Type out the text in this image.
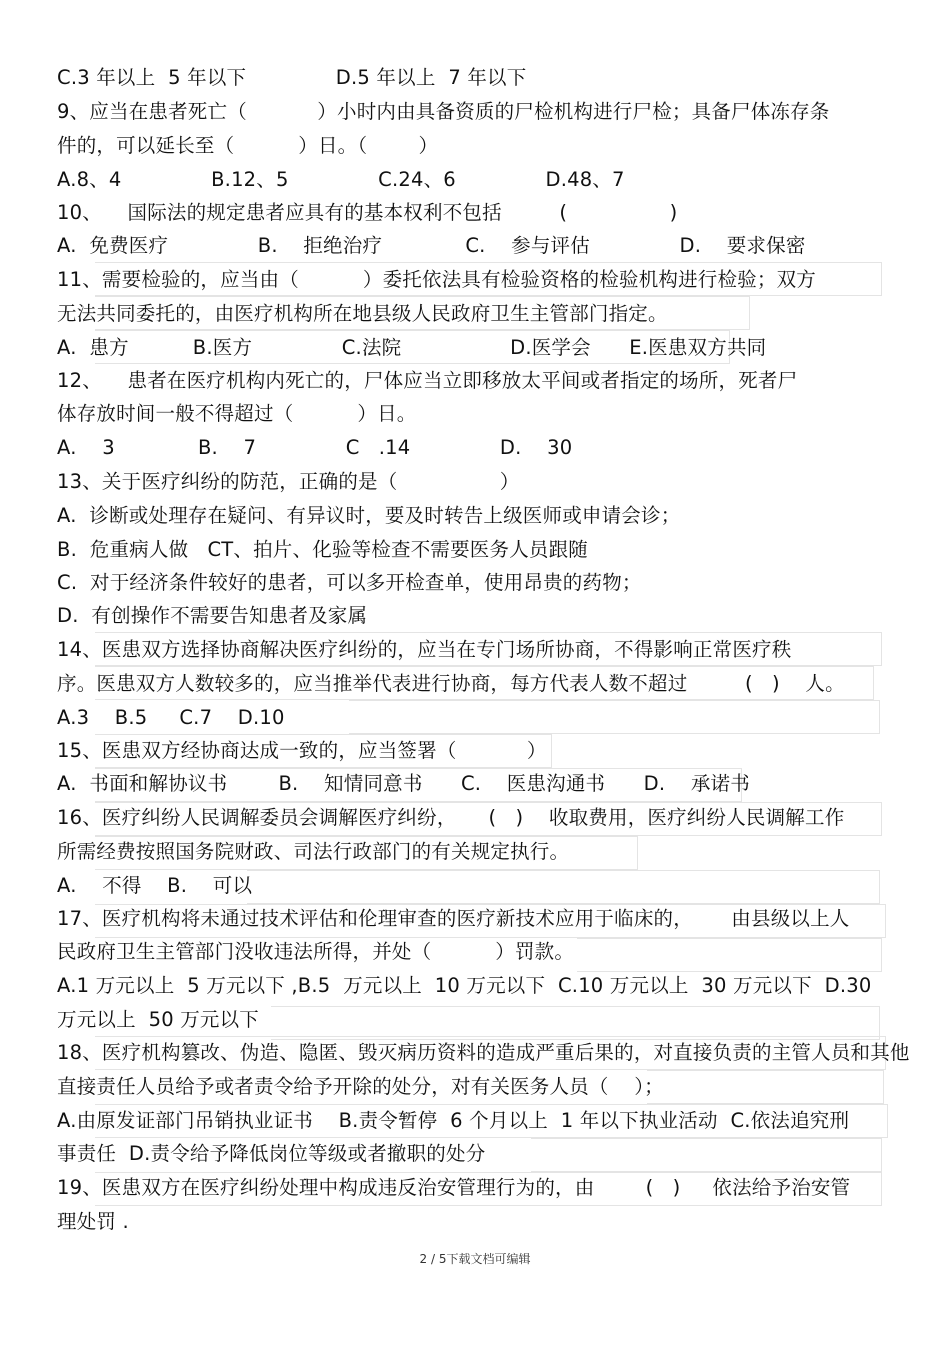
C.3 年以上  5 年以下              D.5 年以上  7 年以下
9、应当在患者死亡（           ）小时内由具备资质的尸检机构进行尸检；具备尸体冻存条
件的，可以延长至（          ）日。（        ）
A.8、4              B.12、5              C.24、6              D.48、7
10、    国际法的规定患者应具有的基本权利不包括         (                )
A.  免费医疗              B.    拒绝治疗             C.    参与评估              D.    要求保密
11、需要检验的，应当由（          ）委托依法具有检验资格的检验机构进行检验；双方
无法共同委托的，由医疗机构所在地县级人民政府卫生主管部门指定。
A.  患方          B.医方              C.法院                 D.医学会      E.医患双方共同
12、    患者在医疗机构内死亡的，尸体应当立即移放太平间或者指定的场所，死者尸
体存放时间一般不得超过（          ）日。
A.    3             B.    7              C   .14              D.    30
13、关于医疗纠纷的防范，正确的是（                ）
A.  诊断或处理存在疑问、有异议时，要及时转告上级医师或申请会诊；
B.  危重病人做   CT、拍片、化验等检查不需要医务人员跟随
C.  对于经济条件较好的患者，可以多开检查单，使用昂贵的药物；
D.  有创操作不需要告知患者及家属
14、医患双方选择协商解决医疗纠纷的，应当在专门场所协商，不得影响正常医疗秩
序。医患双方人数较多的，应当推举代表进行协商，每方代表人数不超过         (   )    人。
A.3    B.5     C.7    D.10
15、医患双方经协商达成一致的，应当签署（           ）
A.  书面和解协议书        B.    知情同意书      C.    医患沟通书      D.    承诺书
16、医疗纠纷人民调解委员会调解医疗纠纷，     (   )    收取费用，医疗纠纷人民调解工作
所需经费按照国务院财政、司法行政部门的有关规定执行。
A.    不得    B.    可以
17、医疗机构将未通过技术评估和伦理审查的医疗新技术应用于临床的，      由县级以上人
民政府卫生主管部门没收违法所得，并处（          ）罚款。
A.1 万元以上  5 万元以下 ,B.5  万元以上  10 万元以下  C.10 万元以上  30 万元以下  D.30
万元以上  50 万元以下
18、医疗机构篡改、伪造、隐匿、毁灭病历资料的造成严重后果的，对直接负责的主管人员和其他
直接责任人员给予或者责令给予开除的处分，对有关医务人员（    ）；
A.由原发证部门吊销执业证书    B.责令暂停  6 个月以上  1 年以下执业活动  C.依法追究刑
事责任  D.责令给予降低岗位等级或者撤职的处分
19、医患双方在医疗纠纷处理中构成违反治安管理行为的，由        (   )     依法给予治安管
理处罚 .
2 / 5下载文档可编辑
